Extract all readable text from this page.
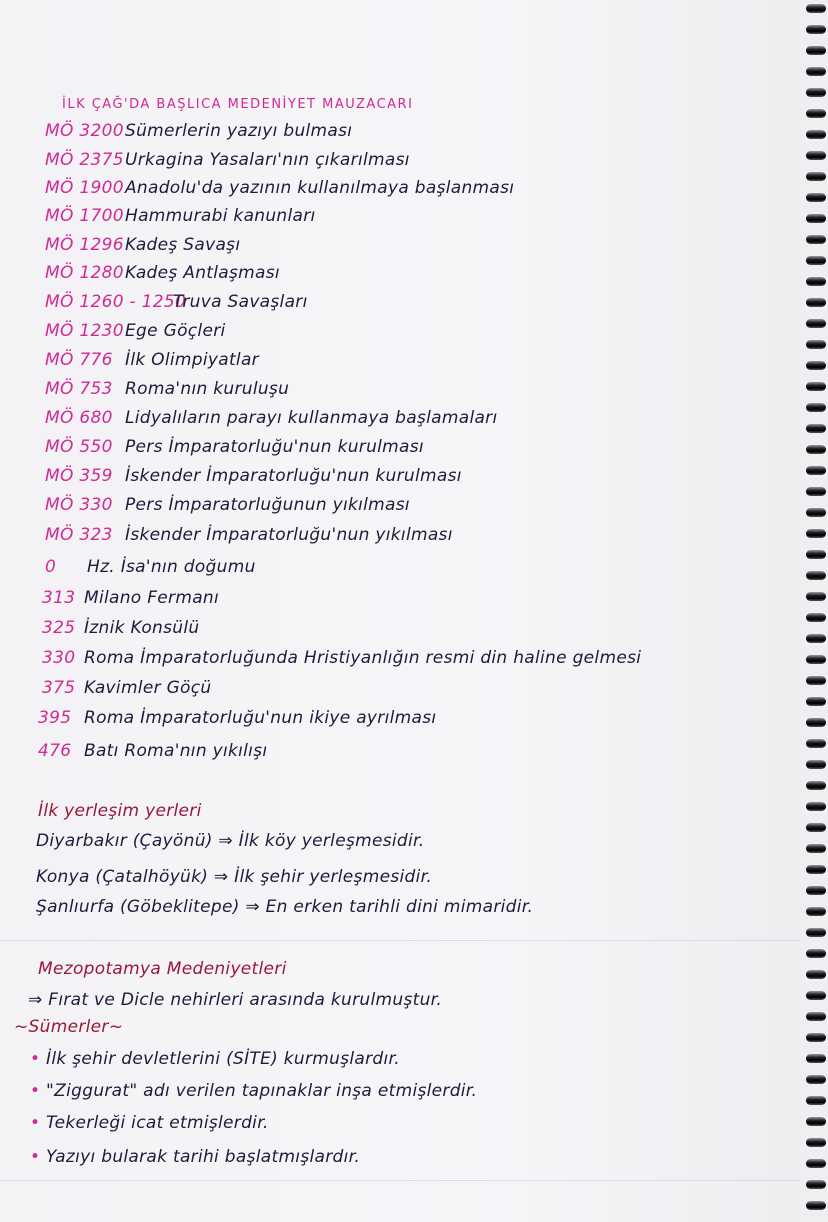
İLK ÇAĞ'DA BAŞLICA MEDENİYET MAUZACARI
MÖ 3200Sümerlerin yazıyı bulması
MÖ 2375Urkagina Yasaları'nın çıkarılması
MÖ 1900Anadolu'da yazının kullanılmaya başlanması
MÖ 1700Hammurabi kanunları
MÖ 1296Kadeş Savaşı
MÖ 1280Kadeş Antlaşması
MÖ 1260 - 1250Truva Savaşları
MÖ 1230Ege Göçleri
MÖ 776 İlk Olimpiyatlar
MÖ 753 Roma'nın kuruluşu
MÖ 680 Lidyalıların parayı kullanmaya başlamaları
MÖ 550 Pers İmparatorluğu'nun kurulması
MÖ 359 İskender İmparatorluğu'nun kurulması
MÖ 330 Pers İmparatorluğunun yıkılması
MÖ 323 İskender İmparatorluğu'nun yıkılması
0 Hz. İsa'nın doğumu
313 Milano Fermanı
325 İznik Konsülü
330 Roma İmparatorluğunda Hristiyanlığın resmi din haline gelmesi
375 Kavimler Göçü
395 Roma İmparatorluğu'nun ikiye ayrılması
476 Batı Roma'nın yıkılışı
İlk yerleşim yerleri
Diyarbakır (Çayönü) ⇒ İlk köy yerleşmesidir.
Konya (Çatalhöyük) ⇒ İlk şehir yerleşmesidir.
Şanlıurfa (Göbeklitepe) ⇒ En erken tarihli dini mimaridir.
Mezopotamya Medeniyetleri
⇒ Fırat ve Dicle nehirleri arasında kurulmuştur.
~Sümerler~
• İlk şehir devletlerini (SİTE) kurmuşlardır.
• "Ziggurat" adı verilen tapınaklar inşa etmişlerdir.
• Tekerleği icat etmişlerdir.
• Yazıyı bularak tarihi başlatmışlardır.
